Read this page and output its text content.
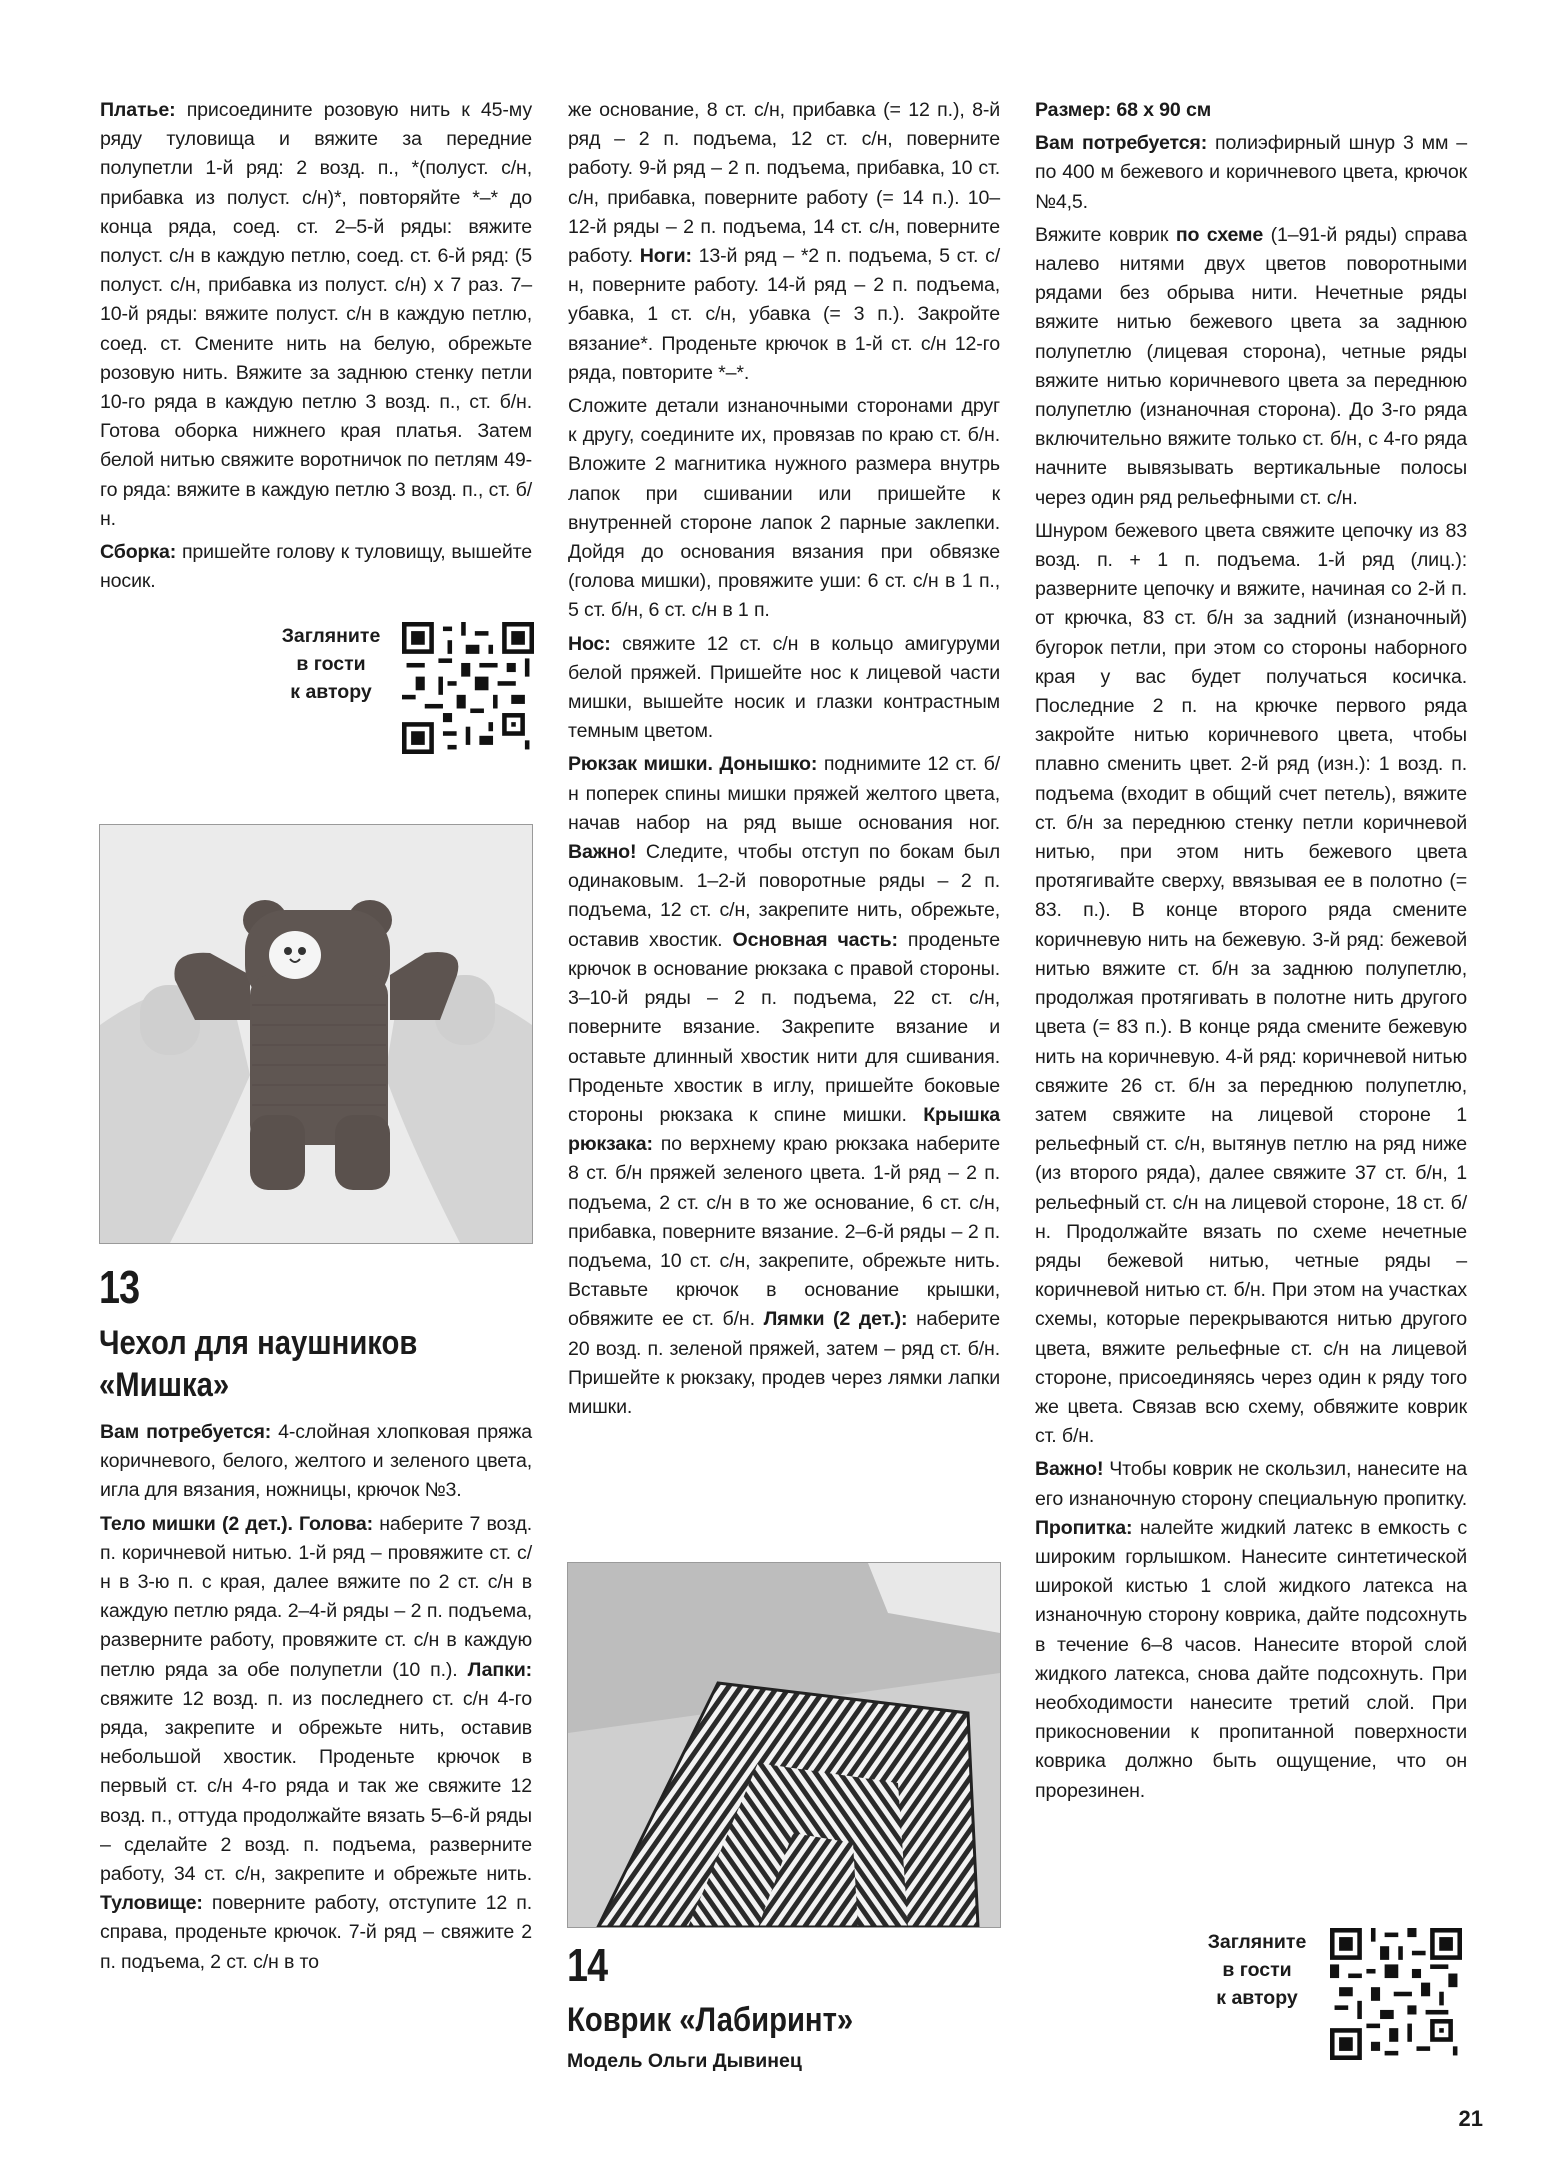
Платье: присоедините розовую нить к 45-му ряду туловища и вяжите за передние полупетли 1-й ряд: 2 возд. п., *(полуст. с/н, прибавка из полуст. с/н)*, повторяйте *–* до конца ряда, соед. ст. 2–5-й ряды: вяжите полуст. с/н в каждую петлю, соед. ст. 6-й ряд: (5 полуст. с/н, прибавка из полуст. с/н) х 7 раз. 7–10-й ряды: вяжите полуст. с/н в каждую петлю, соед. ст. Смените нить на белую, обрежьте розовую нить. Вяжите за заднюю стенку петли 10-го ряда в каждую петлю 3 возд. п., ст. б/н. Готова оборка нижнего края платья. Затем белой нитью свяжите воротничок по петлям 49-го ряда: вяжите в каждую петлю 3 возд. п., ст. б/н.

Сборка: пришейте голову к туловищу, вышейте носик.

Загляните
в гости
к автору
13
Чехол для наушников
«Мишка»

Вам потребуется: 4-слойная хлопковая пряжа коричневого, белого, желтого и зеленого цвета, игла для вязания, ножницы, крючок №3.

Тело мишки (2 дет.). Голова: наберите 7 возд. п. коричневой нитью. 1-й ряд – провяжите ст. с/н в 3-ю п. с края, далее вяжите по 2 ст. с/н в каждую петлю ряда. 2–4-й ряды – 2 п. подъема, разверните работу, провяжите ст. с/н в каждую петлю ряда за обе полупетли (10 п.). Лапки: свяжите 12 возд. п. из последнего ст. с/н 4-го ряда, закрепите и обрежьте нить, оставив небольшой хвостик. Проденьте крючок в первый ст. с/н 4-го ряда и так же свяжите 12 возд. п., оттуда продолжайте вязать 5–6-й ряды – сделайте 2 возд. п. подъема, разверните работу, 34 ст. с/н, закрепите и обрежьте нить. Туловище: поверните работу, отступите 12 п. справа, проденьте крючок. 7-й ряд – свяжите 2 п. подъема, 2 ст. с/н в то

же основание, 8 ст. с/н, прибавка (= 12 п.), 8-й ряд – 2 п. подъема, 12 ст. с/н, поверните работу. 9-й ряд – 2 п. подъема, прибавка, 10 ст. с/н, прибавка, поверните работу (= 14 п.). 10–12-й ряды – 2 п. подъема, 14 ст. с/н, поверните работу. Ноги: 13-й ряд – *2 п. подъема, 5 ст. с/н, поверните работу. 14-й ряд – 2 п. подъема, убавка, 1 ст. с/н, убавка (= 3 п.). Закройте вязание*. Проденьте крючок в 1-й ст. с/н 12-го ряда, повторите *–*.

Сложите детали изнаночными сторонами друг к другу, соедините их, провязав по краю ст. б/н. Вложите 2 магнитика нужного размера внутрь лапок при сшивании или пришейте к внутренней стороне лапок 2 парные заклепки. Дойдя до основания вязания при обвязке (голова мишки), провяжите уши: 6 ст. с/н в 1 п., 5 ст. б/н, 6 ст. с/н в 1 п.

Нос: свяжите 12 ст. с/н в кольцо амигуруми белой пряжей. Пришейте нос к лицевой части мишки, вышейте носик и глазки контрастным темным цветом.

Рюкзак мишки. Донышко: поднимите 12 ст. б/н поперек спины мишки пряжей желтого цвета, начав набор на ряд выше основания ног. Важно! Следите, чтобы отступ по бокам был одинаковым. 1–2-й поворотные ряды – 2 п. подъема, 12 ст. с/н, закрепите нить, обрежьте, оставив хвостик. Основная часть: проденьте крючок в основание рюкзака с правой стороны. 3–10-й ряды – 2 п. подъема, 22 ст. с/н, поверните вязание. Закрепите вязание и оставьте длинный хвостик нити для сшивания. Проденьте хвостик в иглу, пришейте боковые стороны рюкзака к спине мишки. Крышка рюкзака: по верхнему краю рюкзака наберите 8 ст. б/н пряжей зеленого цвета. 1-й ряд – 2 п. подъема, 2 ст. с/н в то же основание, 6 ст. с/н, прибавка, поверните вязание. 2–6-й ряды – 2 п. подъема, 10 ст. с/н, закрепите, обрежьте нить. Вставьте крючок в основание крышки, обвяжите ее ст. б/н. Лямки (2 дет.): наберите 20 возд. п. зеленой пряжей, затем – ряд ст. б/н. Пришейте к рюкзаку, продев через лямки лапки мишки.

14
Коврик «Лабиринт»
Модель Ольги Дывинец

Размер: 68 х 90 см

Вам потребуется: полиэфирный шнур 3 мм – по 400 м бежевого и коричневого цвета, крючок №4,5.

Вяжите коврик по схеме (1–91-й ряды) справа налево нитями двух цветов поворотными рядами без обрыва нити. Нечетные ряды вяжите нитью бежевого цвета за заднюю полупетлю (лицевая сторона), четные ряды вяжите нитью коричневого цвета за переднюю полупетлю (изнаночная сторона). До 3-го ряда включительно вяжите только ст. б/н, с 4-го ряда начните вывязывать вертикальные полосы через один ряд рельефными ст. с/н.

Шнуром бежевого цвета свяжите цепочку из 83 возд. п. + 1 п. подъема. 1-й ряд (лиц.): разверните цепочку и вяжите, начиная со 2-й п. от крючка, 83 ст. б/н за задний (изнаночный) бугорок петли, при этом со стороны наборного края у вас будет получаться косичка. Последние 2 п. на крючке первого ряда закройте нитью коричневого цвета, чтобы плавно сменить цвет. 2-й ряд (изн.): 1 возд. п. подъема (входит в общий счет петель), вяжите ст. б/н за переднюю стенку петли коричневой нитью, при этом нить бежевого цвета протягивайте сверху, ввязывая ее в полотно (= 83. п.). В конце второго ряда смените коричневую нить на бежевую. 3-й ряд: бежевой нитью вяжите ст. б/н за заднюю полупетлю, продолжая протягивать в полотне нить другого цвета (= 83 п.). В конце ряда смените бежевую нить на коричневую. 4-й ряд: коричневой нитью свяжите 26 ст. б/н за переднюю полупетлю, затем свяжите на лицевой стороне 1 рельефный ст. с/н, вытянув петлю на ряд ниже (из второго ряда), далее свяжите 37 ст. б/н, 1 рельефный ст. с/н на лицевой стороне, 18 ст. б/н. Продолжайте вязать по схеме нечетные ряды бежевой нитью, четные ряды – коричневой нитью ст. б/н. При этом на участках схемы, которые перекрываются нитью другого цвета, вяжите рельефные ст. с/н на лицевой стороне, присоединяясь через один к ряду того же цвета. Связав всю схему, обвяжите коврик ст. б/н.

Важно! Чтобы коврик не скользил, нанесите на его изнаночную сторону специальную пропитку. Пропитка: налейте жидкий латекс в емкость с широким горлышком. Нанесите синтетической широкой кистью 1 слой жидкого латекса на изнаночную сторону коврика, дайте подсохнуть в течение 6–8 часов. Нанесите второй слой жидкого латекса, снова дайте подсохнуть. При необходимости нанесите третий слой. При прикосновении к пропитанной поверхности коврика должно быть ощущение, что он прорезинен.

Загляните
в гости
к автору
21
